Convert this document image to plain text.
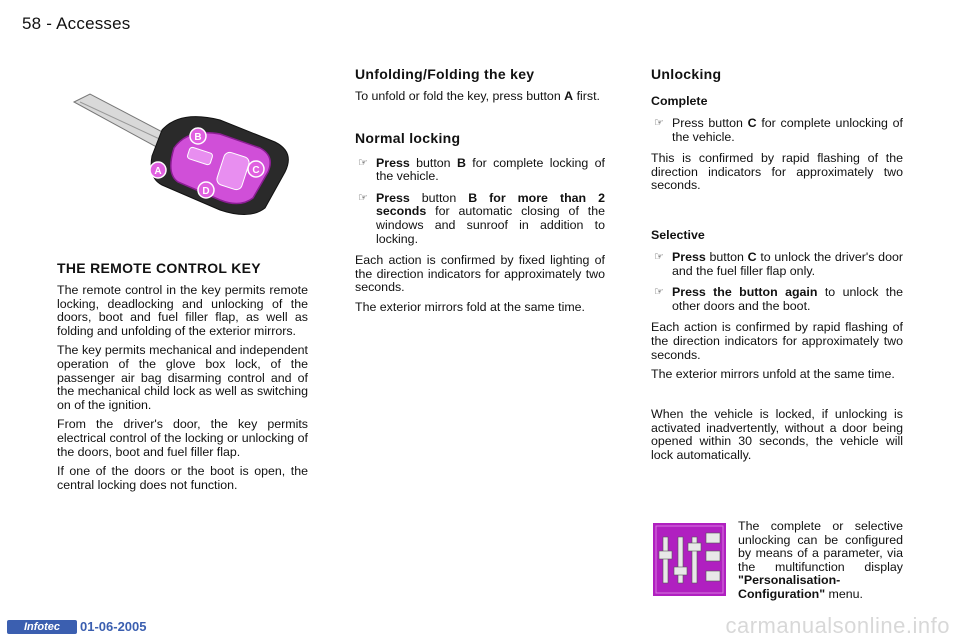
58 - Accesses
A
B
C
D
THE REMOTE CONTROL KEY

The remote control in the key permits remote locking, deadlocking and unlocking of the doors, boot and fuel filler flap, as well as folding and unfolding of the exterior mirrors.

The key permits mechanical and independent operation of the glove box lock, of the passenger air bag disarming control and of the mechanical child lock as well as switching on of the ignition.

From the driver's door, the key permits electrical control of the locking or unlocking of the doors, boot and fuel filler flap.

If one of the doors or the boot is open, the central locking does not function.

Unfolding/Folding the key

To unfold or fold the key, press button A first.

Normal locking
☞ Press button B for complete locking of the vehicle.
☞ Press button B for more than 2 seconds for automatic closing of the windows and sunroof in addition to locking.

Each action is confirmed by fixed lighting of the direction indicators for approximately two seconds.

The exterior mirrors fold at the same time.

Unlocking
Complete
☞ Press button C for complete unlocking of the vehicle.

This is confirmed by rapid flashing of the direction indicators for approximately two seconds.

Selective
☞ Press button C to unlock the driver's door and the fuel filler flap only.
☞ Press the button again to unlock the other doors and the boot.

Each action is confirmed by rapid flashing of the direction indicators for approximately two seconds.

The exterior mirrors unfold at the same time.

When the vehicle is locked, if unlocking is activated inadvertently, without a door being opened within 30 seconds, the vehicle will lock automatically.

The complete or selective unlocking can be configured by means of a parameter, via the multifunction display "Personalisation-Configuration" menu.

Infotec	01-06-2005	carmanualsonline.info
